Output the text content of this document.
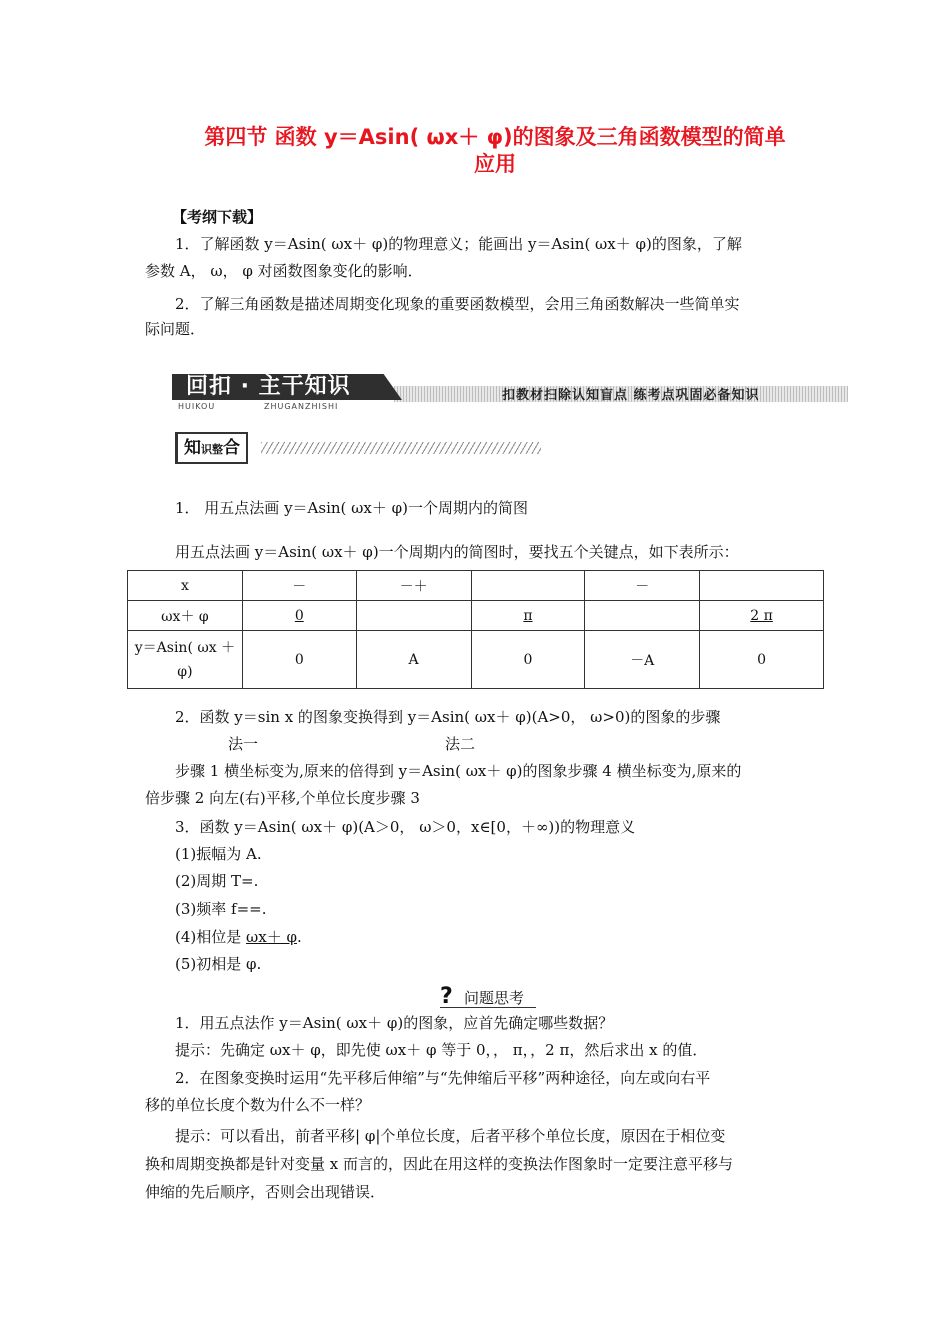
第四节 函数 y＝Asin( ωx＋ φ)的图象及三角函数模型的简单
应用
【考纲下载】
1．了解函数 y＝Asin( ωx＋ φ)的物理意义；能画出 y＝Asin( ωx＋ φ)的图象，了解
参数 A， ω， φ 对函数图象变化的影响．
2．了解三角函数是描述周期变化现象的重要函数模型，会用三角函数解决一些简单实
际问题．
回扣 · 主干知识
HUIKOU	ZHUGANZHISHI
扣教材扫除认知盲点 练考点巩固必备知识
知识整合
1． 用五点法画 y＝Asin( ωx＋ φ)一个周期内的简图
用五点法画 y＝Asin( ωx＋ φ)一个周期内的简图时，要找五个关键点，如下表所示：
x	－	－＋		－	
ωx＋ φ	0		π		2 π
y＝Asin( ωx ＋ φ)	0	A	0	－A	0
2．函数 y＝sin x 的图象变换得到 y＝Asin( ωx＋ φ)(A>0， ω>0)的图象的步骤
法一	法二
步骤 1 横坐标变为,原来的倍得到 y＝Asin( ωx＋ φ)的图象步骤 4 横坐标变为,原来的
倍步骤 2 向左(右)平移,个单位长度步骤 3
3．函数 y＝Asin( ωx＋ φ)(A＞0， ω＞0，x∈[0，＋∞))的物理意义
(1)振幅为 A.
(2)周期 T=.
(3)频率 f==.
(4)相位是 ωx＋ φ.
(5)初相是 φ.
? 问题思考
1．用五点法作 y＝Asin( ωx＋ φ)的图象，应首先确定哪些数据？
提示：先确定 ωx＋ φ，即先使 ωx＋ φ 等于 0，， π，，2 π，然后求出 x 的值．
2．在图象变换时运用“先平移后伸缩”与“先伸缩后平移”两种途径，向左或向右平
移的单位长度个数为什么不一样？
提示：可以看出，前者平移| φ|个单位长度，后者平移个单位长度，原因在于相位变
换和周期变换都是针对变量 x 而言的，因此在用这样的变换法作图象时一定要注意平移与
伸缩的先后顺序，否则会出现错误．
